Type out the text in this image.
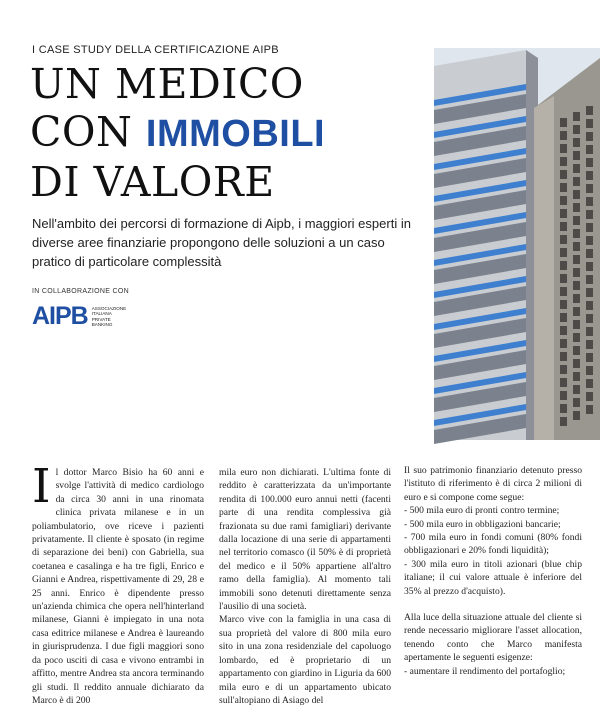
I CASE STUDY DELLA CERTIFICAZIONE AIPB
UN MEDICO
CON IMMOBILI
DI VALORE

Nell'ambito dei percorsi di formazione di Aipb, i maggiori esperti in diverse aree finanziarie propongono delle soluzioni a un caso pratico di particolare complessità

IN COLLABORAZIONE CON
AIPB ASSOCIAZIONE
ITALIANA
PRIVATE
BANKING
I l dottor Marco Bisio ha 60 anni e svolge l'attività di medico cardiologo da circa 30 anni in una rinomata clinica privata milanese e in un poliambulatorio, ove riceve i pazienti privatamente. Il cliente è sposato (in regime di separazione dei beni) con Gabriella, sua coetanea e casalinga e ha tre figli, Enrico e Gianni e Andrea, rispettivamente di 29, 28 e 25 anni. Enrico è dipendente presso un'azienda chimica che opera nell'hinterland milanese, Gianni è impiegato in una nota casa editrice milanese e Andrea è laureando in giurisprudenza. I due figli maggiori sono da poco usciti di casa e vivono entrambi in affitto, mentre Andrea sta ancora terminando gli studi. Il reddito annuale dichiarato da Marco è di 200

mila euro non dichiarati. L'ultima fonte di reddito è caratterizzata da un'importante rendita di 100.000 euro annui netti (facenti parte di una rendita complessiva già frazionata su due rami famigliari) derivante dalla locazione di una serie di appartamenti nel territorio comasco (il 50% è di proprietà del medico e il 50% appartiene all'altro ramo della famiglia). Al momento tali immobili sono detenuti direttamente senza l'ausilio di una società.

Marco vive con la famiglia in una casa di sua proprietà del valore di 800 mila euro sito in una zona residenziale del capoluogo lombardo, ed è proprietario di un appartamento con giardino in Liguria da 600 mila euro e di un appartamento ubicato sull'altopiano di Asiago del

Il suo patrimonio finanziario detenuto presso l'istituto di riferimento è di circa 2 milioni di euro e si compone come segue:

- 500 mila euro di pronti contro termine;

- 500 mila euro in obbligazioni bancarie;

- 700 mila euro in fondi comuni (80% fondi obbligazionari e 20% fondi liquidità);

- 300 mila euro in titoli azionari (blue chip italiane; il cui valore attuale è inferiore del 35% al prezzo d'acquisto).

Alla luce della situazione attuale del cliente si rende necessario migliorare l'asset allocation, tenendo conto che Marco manifesta apertamente le seguenti esigenze:

- aumentare il rendimento del portafoglio;
